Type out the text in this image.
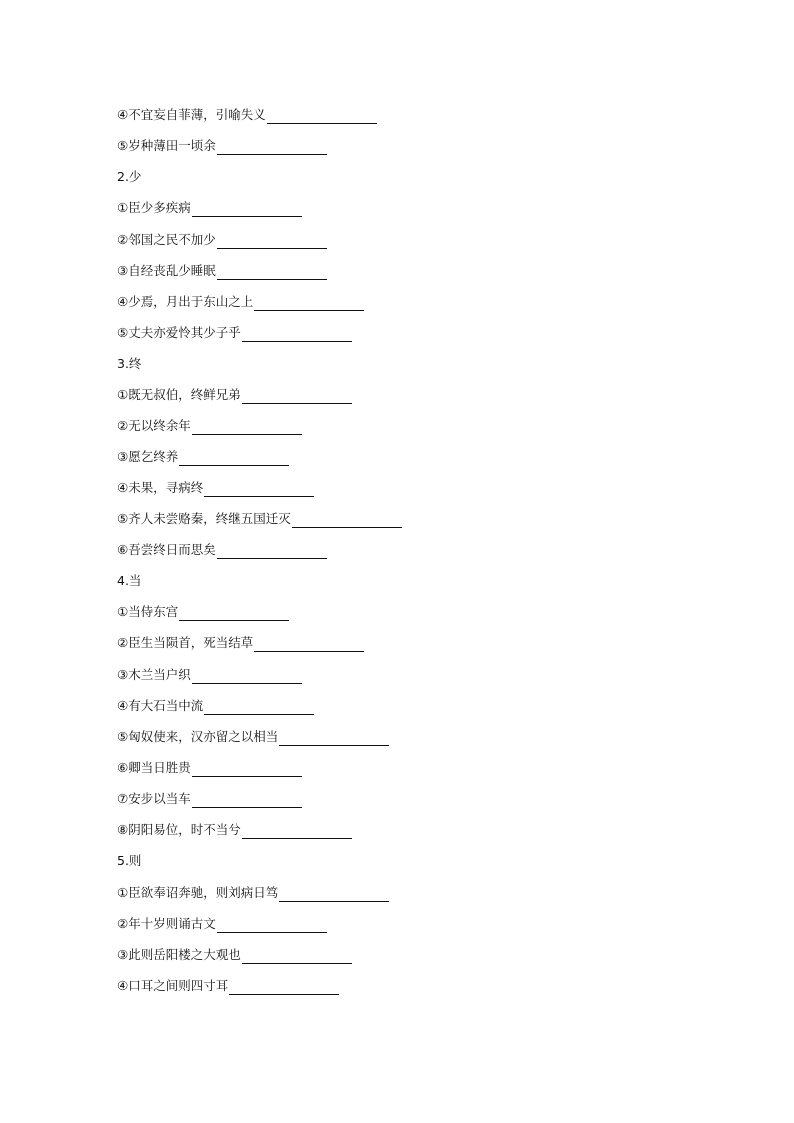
④不宜妄自菲薄，引喻失义
⑤岁种薄田一顷余
2.少
①臣少多疾病
②邻国之民不加少
③自经丧乱少睡眠
④少焉，月出于东山之上
⑤丈夫亦爱怜其少子乎
3.终
①既无叔伯，终鲜兄弟
②无以终余年
③愿乞终养
④未果，寻病终
⑤齐人未尝赂秦，终继五国迁灭
⑥吾尝终日而思矣
4.当
①当侍东宫
②臣生当陨首，死当结草
③木兰当户织
④有大石当中流
⑤匈奴使来，汉亦留之以相当
⑥卿当日胜贵
⑦安步以当车
⑧阴阳易位，时不当兮
5.则
①臣欲奉诏奔驰，则刘病日笃
②年十岁则诵古文
③此则岳阳楼之大观也
④口耳之间则四寸耳
